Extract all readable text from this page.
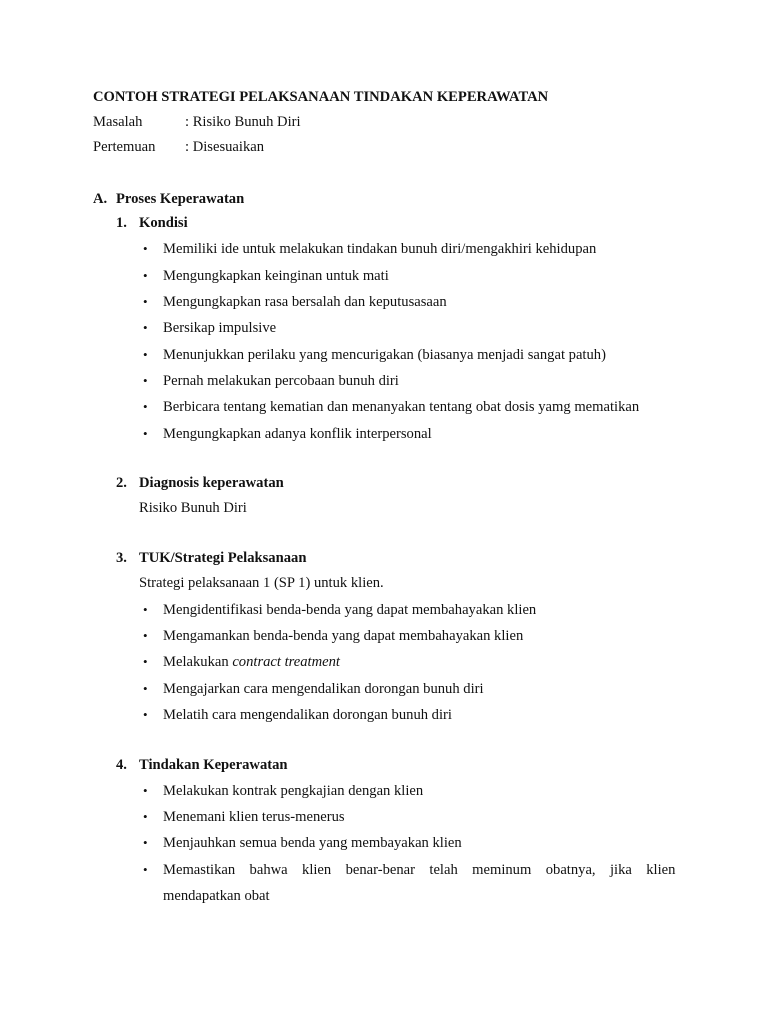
CONTOH STRATEGI PELAKSANAAN TINDAKAN KEPERAWATAN
Masalah	: Risiko Bunuh Diri
Pertemuan : Disesuaikan
A. Proses Keperawatan
1. Kondisi
• Memiliki ide untuk melakukan tindakan bunuh diri/mengakhiri kehidupan
• Mengungkapkan keinginan untuk mati
• Mengungkapkan rasa bersalah dan keputusasaan
• Bersikap impulsive
• Menunjukkan perilaku yang mencurigakan (biasanya menjadi sangat patuh)
• Pernah melakukan percobaan bunuh diri
• Berbicara tentang kematian dan menanyakan tentang obat dosis yamg mematikan
• Mengungkapkan adanya konflik interpersonal
2. Diagnosis keperawatan
Risiko Bunuh Diri
3. TUK/Strategi Pelaksanaan
Strategi pelaksanaan 1 (SP 1) untuk klien.
• Mengidentifikasi benda-benda yang dapat membahayakan klien
• Mengamankan benda-benda yang dapat membahayakan klien
• Melakukan contract treatment
• Mengajarkan cara mengendalikan dorongan bunuh diri
• Melatih cara mengendalikan dorongan bunuh diri
4. Tindakan Keperawatan
• Melakukan kontrak pengkajian dengan klien
• Menemani klien terus-menerus
• Menjauhkan semua benda yang membayakan klien
• Memastikan bahwa klien benar-benar telah meminum obatnya, jika klien
mendapatkan obat
